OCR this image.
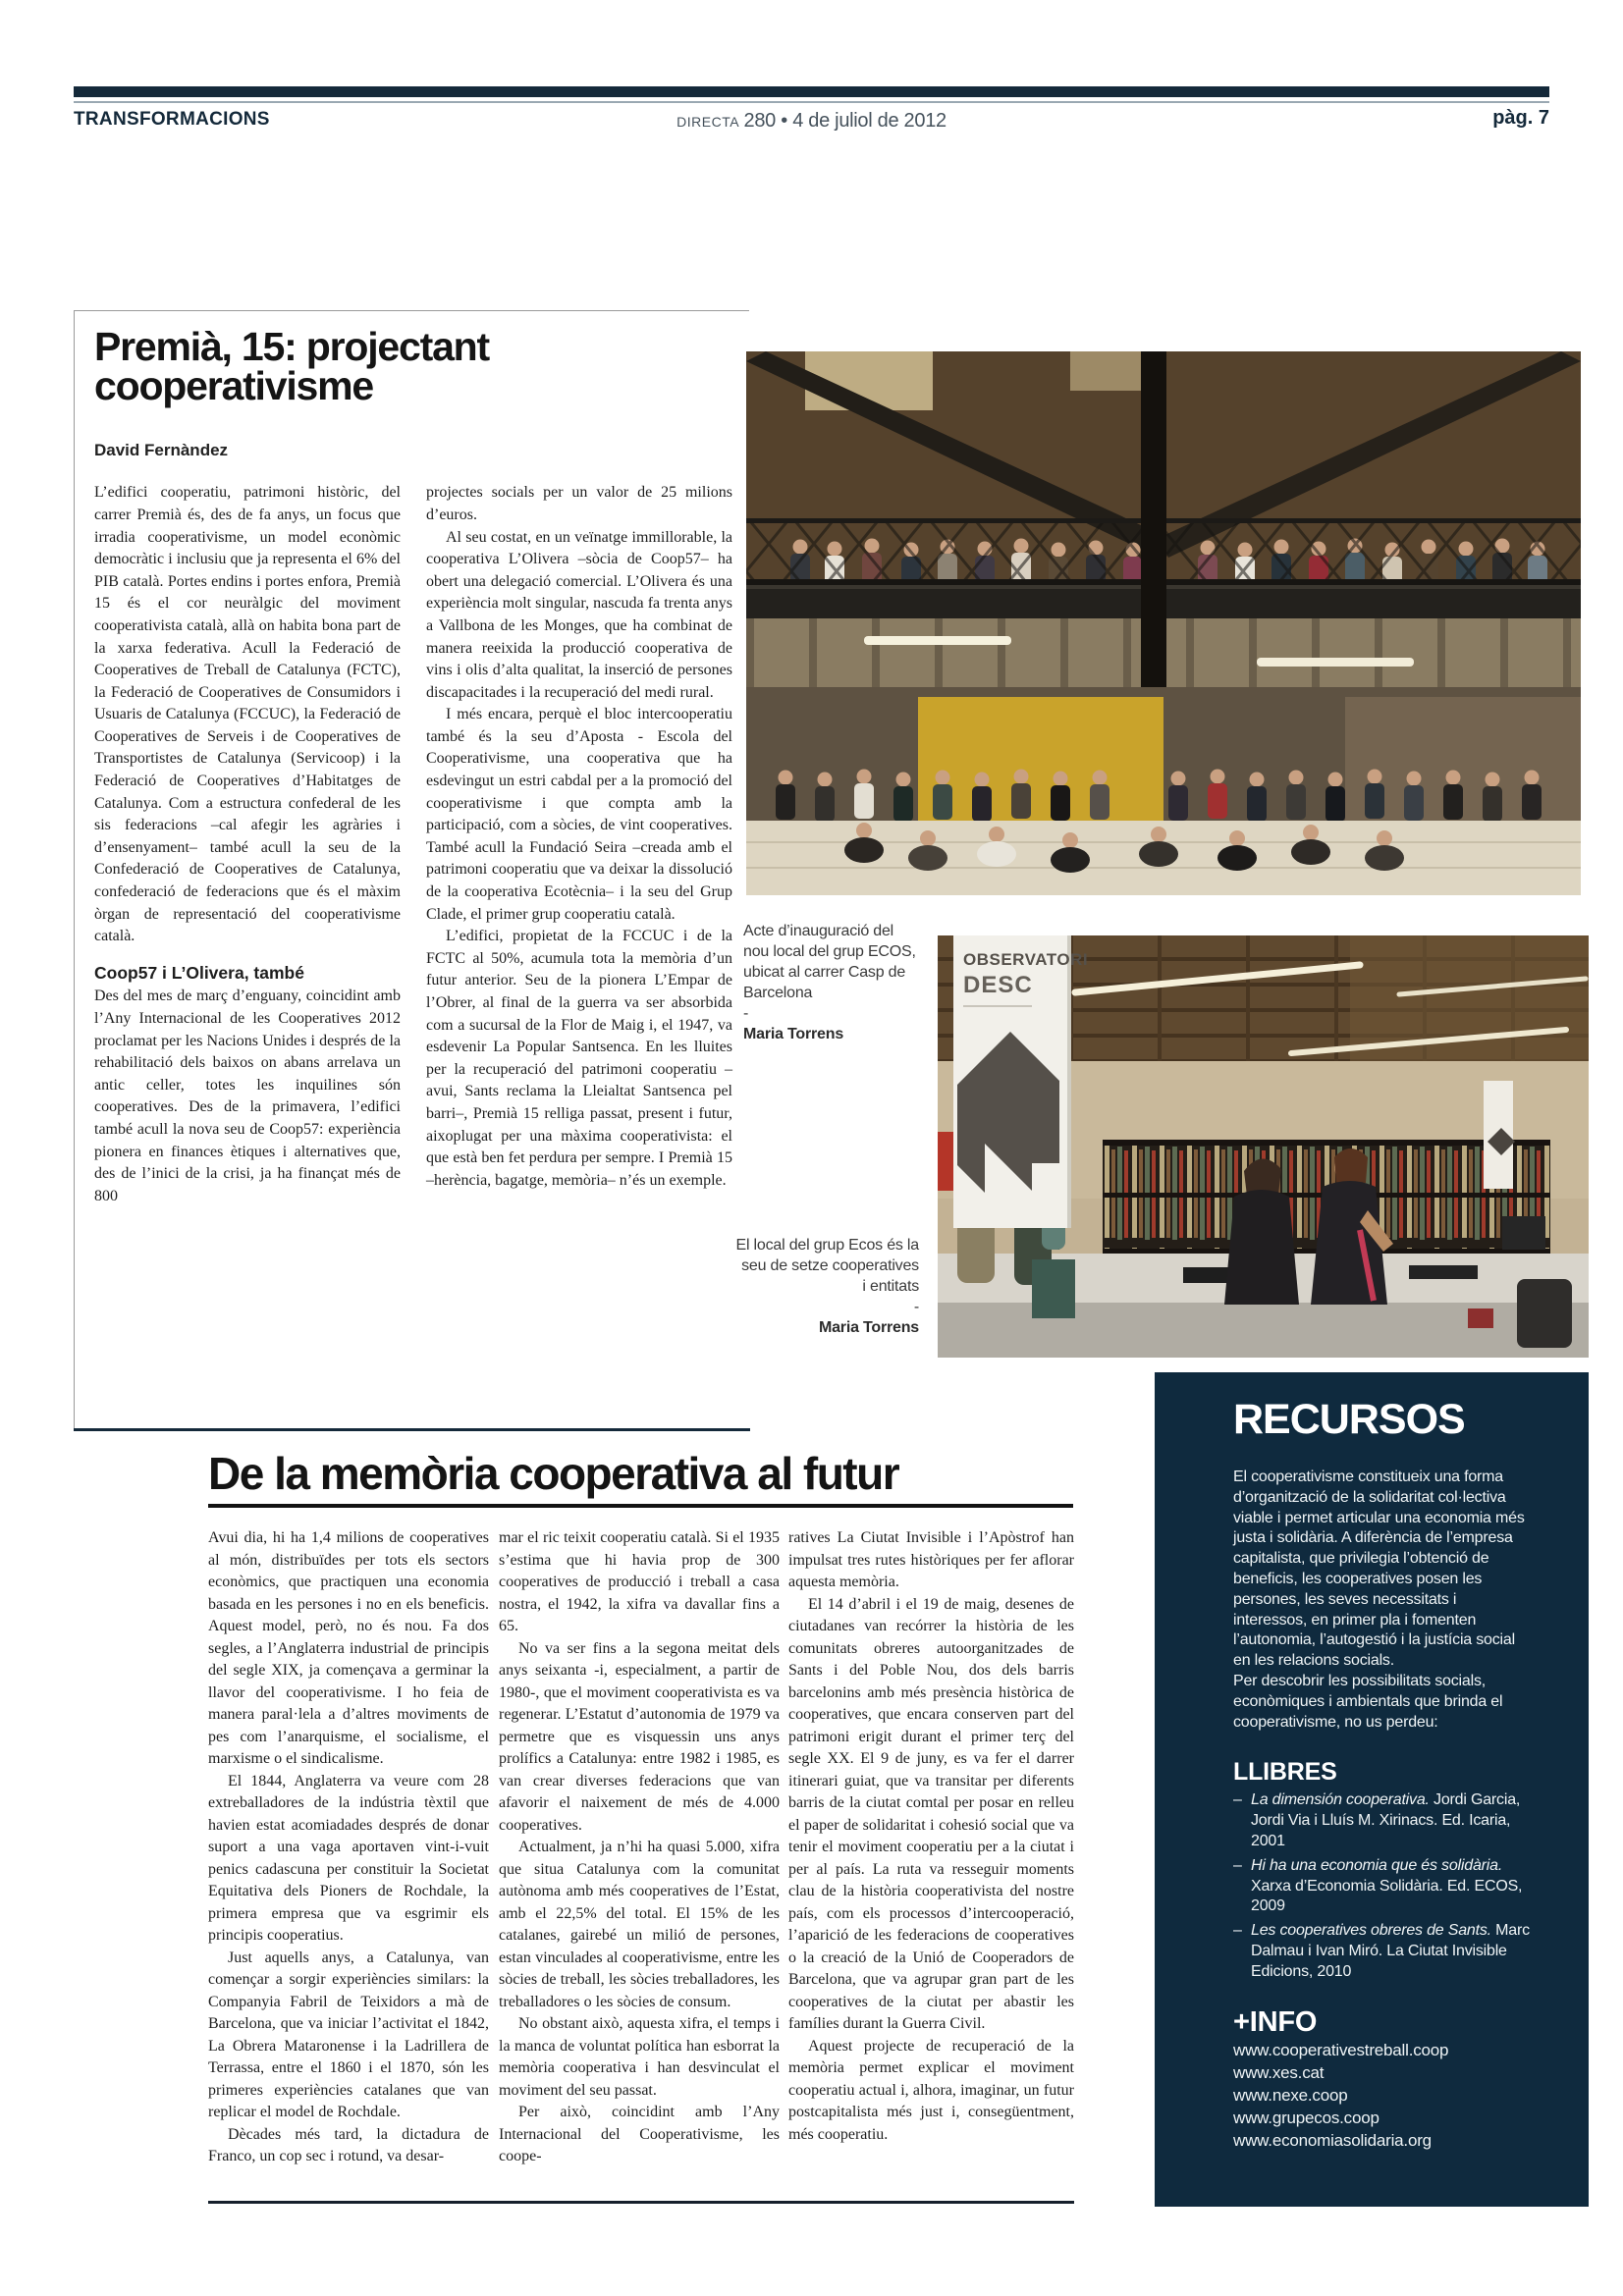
TRANSFORMACIONS	DIRECTA 280 • 4 de juliol de 2012	pàg. 7
Premià, 15: projectant cooperativisme
David Fernàndez

L’edifici cooperatiu, patrimoni històric, del carrer Premià és, des de fa anys, un focus que irradia cooperativisme, un model econòmic democràtic i inclusiu que ja representa el 6% del PIB català. Portes endins i portes enfora, Premià 15 és el cor neuràlgic del moviment cooperativista català, allà on habita bona part de la xarxa federativa. Acull la Federació de Cooperatives de Treball de Catalunya (FCTC), la Federació de Cooperatives de Consumidors i Usuaris de Catalunya (FCCUC), la Federació de Cooperatives de Serveis i de Cooperatives de Transportistes de Catalunya (Servicoop) i la Federació de Cooperatives d’Habitatges de Catalunya. Com a estructura confederal de les sis federacions –cal afegir les agràries i d’ensenyament– també acull la seu de la Confederació de Cooperatives de Catalunya, confederació de federacions que és el màxim òrgan de representació del cooperativisme català.

Coop57 i L’Olivera, també

Des del mes de març d’enguany, coincidint amb l’Any Internacional de les Cooperatives 2012 proclamat per les Nacions Unides i després de la rehabilitació dels baixos on abans arrelava un antic celler, totes les inquilines són cooperatives. Des de la primavera, l’edifici també acull la nova seu de Coop57: experiència pionera en finances ètiques i alternatives que, des de l’inici de la crisi, ja ha finançat més de 800

projectes socials per un valor de 25 milions d’euros.

Al seu costat, en un veïnatge immillorable, la cooperativa L’Olivera –sòcia de Coop57– ha obert una delegació comercial. L’Olivera és una experiència molt singular, nascuda fa trenta anys a Vallbona de les Monges, que ha combinat de manera reeixida la producció cooperativa de vins i olis d’alta qualitat, la inserció de persones discapacitades i la recuperació del medi rural.

I més encara, perquè el bloc intercooperatiu també és la seu d’Aposta - Escola del Cooperativisme, una cooperativa que ha esdevingut un estri cabdal per a la promoció del cooperativisme i que compta amb la participació, com a sòcies, de vint cooperatives. També acull la Fundació Seira –creada amb el patrimoni cooperatiu que va deixar la dissolució de la cooperativa Ecotècnia– i la seu del Grup Clade, el primer grup cooperatiu català.

L’edifici, propietat de la FCCUC i de la FCTC al 50%, acumula tota la memòria d’un futur anterior. Seu de la pionera L’Empar de l’Obrer, al final de la guerra va ser absorbida com a sucursal de la Flor de Maig i, el 1947, va esdevenir La Popular Santsenca. En les lluites per la recuperació del patrimoni cooperatiu –avui, Sants reclama la Lleialtat Santsenca pel barri–, Premià 15 relliga passat, present i futur, aixoplugat per una màxima cooperativista: el que està ben fet perdura per sempre. I Premià 15 –herència, bagatge, memòria– n’és un exemple.

Acte d’inauguració del nou local del grup ECOS, ubicat al carrer Casp de Barcelona
-
Maria Torrens
OBSERVATORI
DESC
El local del grup Ecos és la seu de setze cooperatives i entitats
-
Maria Torrens
De la memòria cooperativa al futur

Avui dia, hi ha 1,4 milions de cooperatives al món, distribuïdes per tots els sectors econòmics, que practiquen una economia basada en les persones i no en els beneficis. Aquest model, però, no és nou. Fa dos segles, a l’Anglaterra industrial de principis del segle XIX, ja començava a germinar la llavor del cooperativisme. I ho feia de manera paral·lela a d’altres moviments de pes com l’anarquisme, el socialisme, el marxisme o el sindicalisme.

El 1844, Anglaterra va veure com 28 extreballadores de la indústria tèxtil que havien estat acomiadades després de donar suport a una vaga aportaven vint-i-vuit penics cadascuna per constituir la Societat Equitativa dels Pioners de Rochdale, la primera empresa que va esgrimir els principis cooperatius.

Just aquells anys, a Catalunya, van començar a sorgir experiències similars: la Companyia Fabril de Teixidors a mà de Barcelona, que va iniciar l’activitat el 1842, La Obrera Mataronense i la Ladrillera de Terrassa, entre el 1860 i el 1870, són les primeres experiències catalanes que van replicar el model de Rochdale.

Dècades més tard, la dictadura de Franco, un cop sec i rotund, va desar-

mar el ric teixit cooperatiu català. Si el 1935 s’estima que hi havia prop de 300 cooperatives de producció i treball a casa nostra, el 1942, la xifra va davallar fins a 65.

No va ser fins a la segona meitat dels anys seixanta -i, especialment, a partir de 1980-, que el moviment cooperativista es va regenerar. L’Estatut d’autonomia de 1979 va permetre que es visquessin uns anys prolífics a Catalunya: entre 1982 i 1985, es van crear diverses federacions que van afavorir el naixement de més de 4.000 cooperatives.

Actualment, ja n’hi ha quasi 5.000, xifra que situa Catalunya com la comunitat autònoma amb més cooperatives de l’Estat, amb el 22,5% del total. El 15% de les catalanes, gairebé un milió de persones, estan vinculades al cooperativisme, entre les sòcies de treball, les sòcies treballadores, les treballadores o les sòcies de consum.

No obstant això, aquesta xifra, el temps i la manca de voluntat política han esborrat la memòria cooperativa i han desvinculat el moviment del seu passat.

Per això, coincidint amb l’Any Internacional del Cooperativisme, les coope-

ratives La Ciutat Invisible i l’Apòstrof han impulsat tres rutes històriques per fer aflorar aquesta memòria.

El 14 d’abril i el 19 de maig, desenes de ciutadanes van recórrer la història de les comunitats obreres autoorganitzades de Sants i del Poble Nou, dos dels barris barcelonins amb més presència històrica de cooperatives, que encara conserven part del patrimoni erigit durant el primer terç del segle XX. El 9 de juny, es va fer el darrer itinerari guiat, que va transitar per diferents barris de la ciutat comtal per posar en relleu el paper de solidaritat i cohesió social que va tenir el moviment cooperatiu per a la ciutat i per al país. La ruta va resseguir moments clau de la història cooperativista del nostre país, com els processos d’intercooperació, l’aparició de les federacions de cooperatives o la creació de la Unió de Cooperadors de Barcelona, que va agrupar gran part de les cooperatives de la ciutat per abastir les famílies durant la Guerra Civil.

Aquest projecte de recuperació de la memòria permet explicar el moviment cooperatiu actual i, alhora, imaginar, un futur postcapitalista més just i, consegüentment, més cooperatiu.

RECURSOS

El cooperativisme constitueix una forma d’organització de la solidaritat col·lectiva viable i permet articular una economia més justa i solidària. A diferència de l’empresa capitalista, que privilegia l’obtenció de beneficis, les cooperatives posen les persones, les seves necessitats i interessos, en primer pla i fomenten l’autonomia, l’autogestió i la justícia social en les relacions socials.

Per descobrir les possibilitats socials, econòmiques i ambientals que brinda el cooperativisme, no us perdeu:

LLIBRES
– La dimensión cooperativa. Jordi Garcia, Jordi Via i Lluís M. Xirinacs. Ed. Icaria, 2001
– Hi ha una economia que és solidària. Xarxa d’Economia Solidària. Ed. ECOS, 2009
– Les cooperatives obreres de Sants. Marc Dalmau i Ivan Miró. La Ciutat Invisible Edicions, 2010
+INFO
www.cooperativestreball.coop
www.xes.cat
www.nexe.coop
www.grupecos.coop
www.economiasolidaria.org
